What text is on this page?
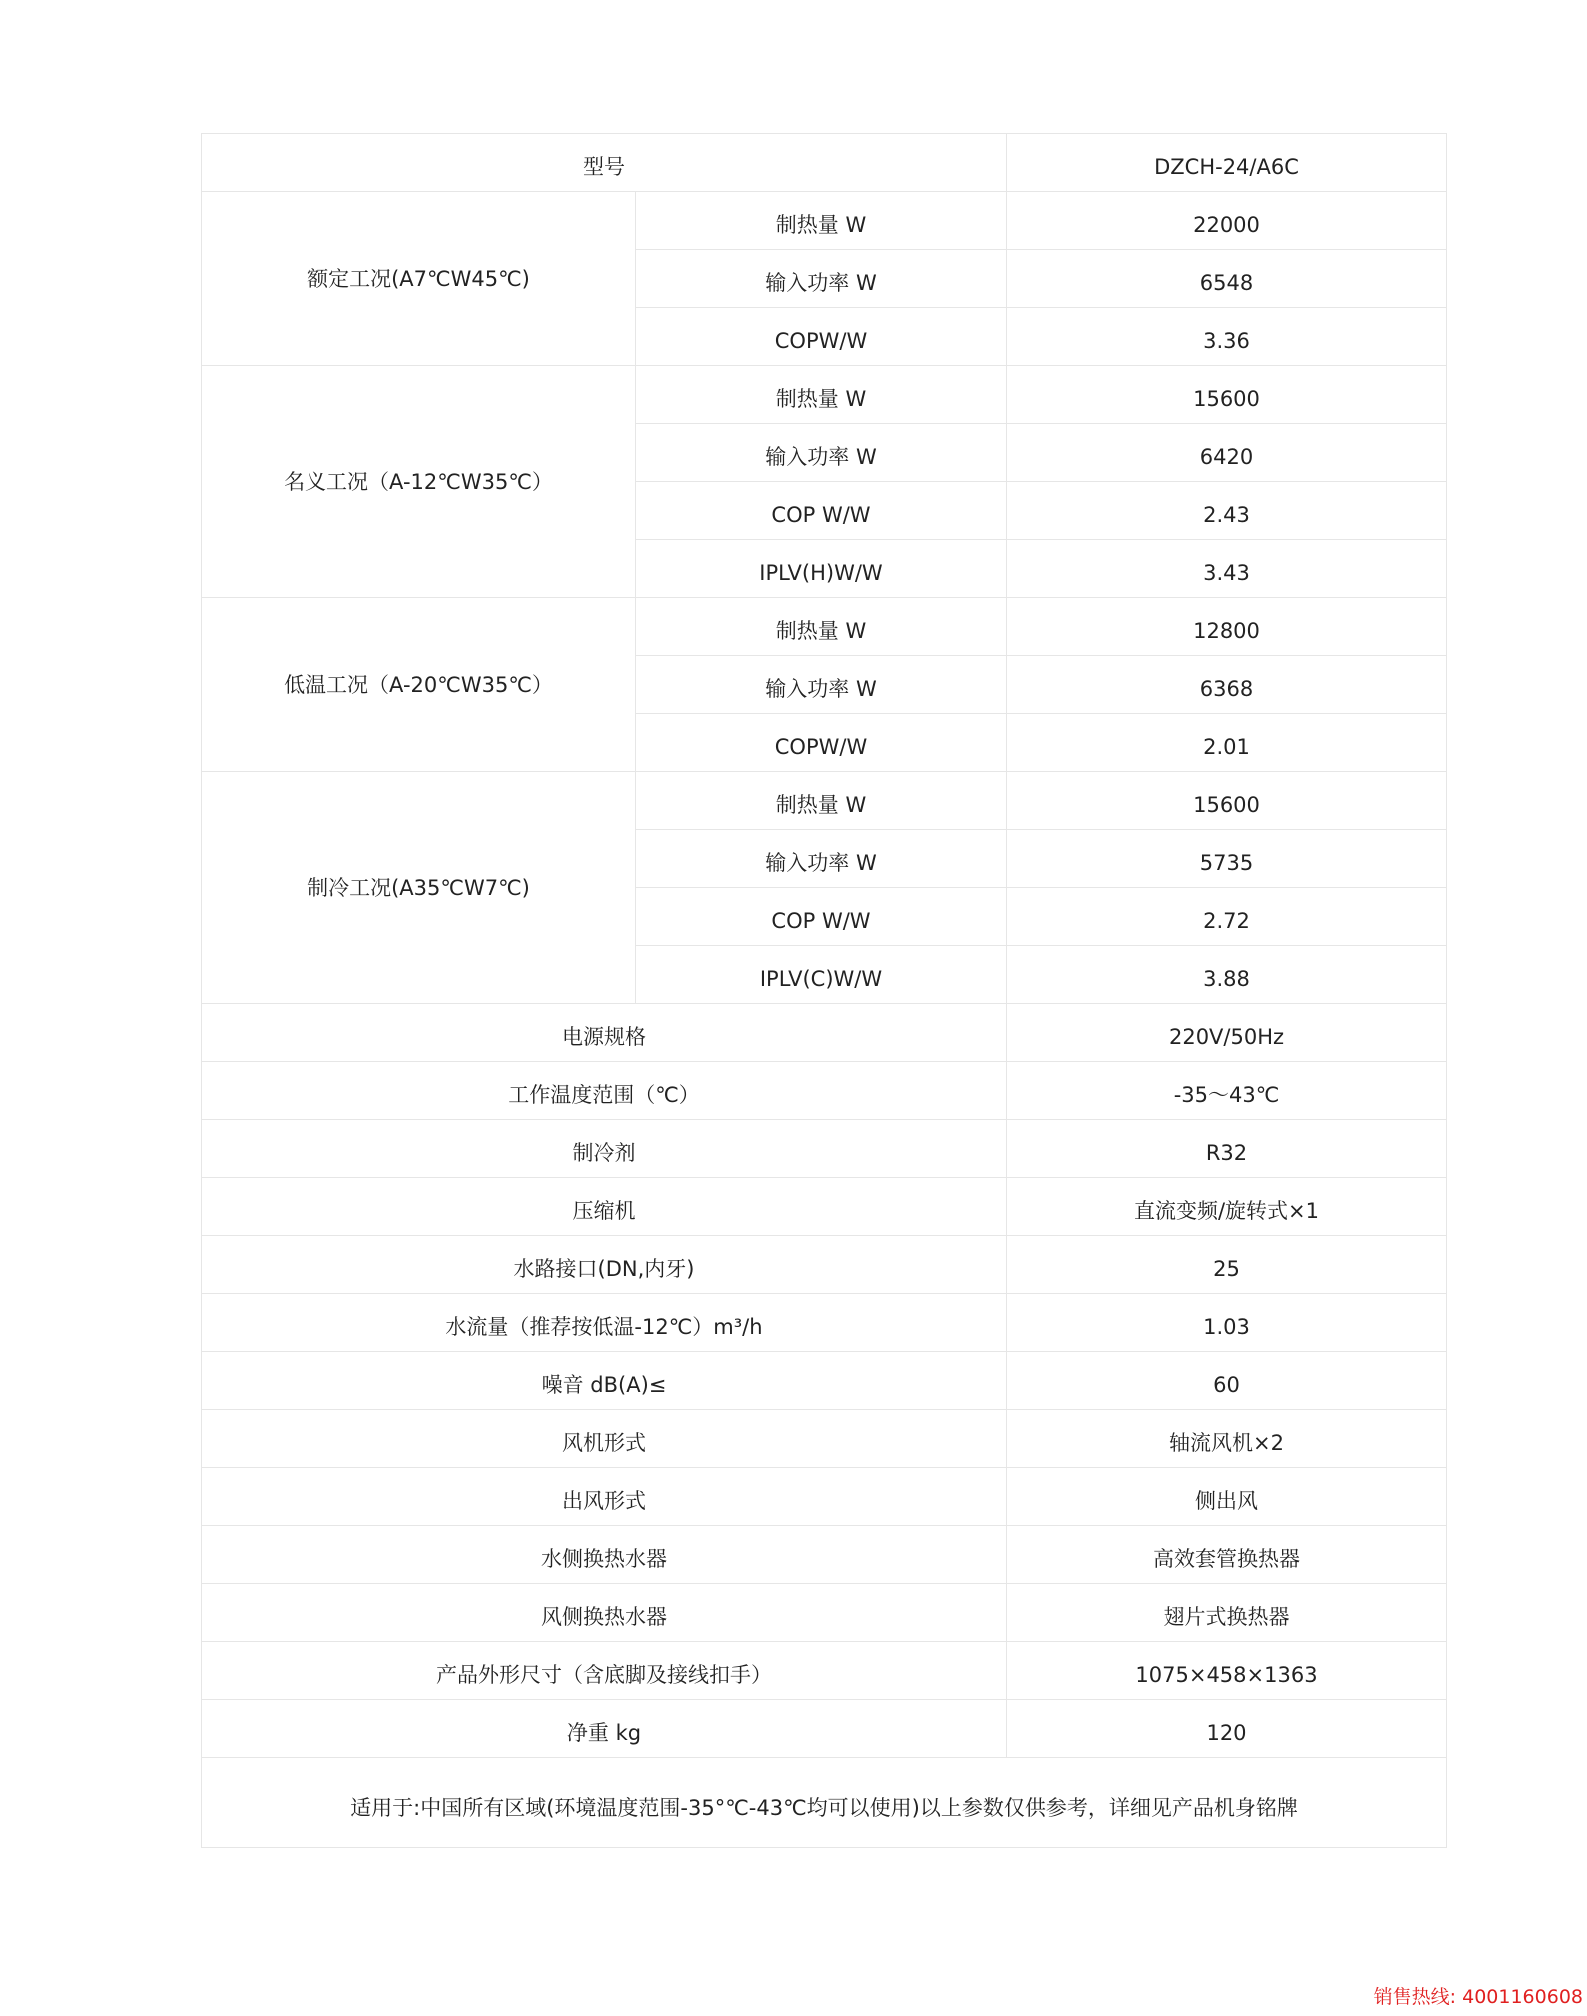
型号		DZCH-24/A6C
额定工况(A7℃W45℃)	制热量 W	22000
	输入功率 W	6548
	COPW/W	3.36
名义工况（A-12℃W35℃）	制热量 W	15600
	输入功率 W	6420
	COP W/W	2.43
	IPLV(H)W/W	3.43
低温工况（A-20℃W35℃）	制热量 W	12800
	输入功率 W	6368
	COPW/W	2.01
制冷工况(A35℃W7℃)	制热量 W	15600
	输入功率 W	5735
	COP W/W	2.72
	IPLV(C)W/W	3.88
电源规格		220V/50Hz
工作温度范围（℃）		-35～43℃
制冷剂		R32
压缩机		直流变频/旋转式×1
水路接口(DN,内牙)		25
水流量（推荐按低温-12℃）m³/h		1.03
噪音 dB(A)≤		60
风机形式		轴流风机×2
出风形式		侧出风
水侧换热水器		高效套管换热器
风侧换热水器		翅片式换热器
产品外形尺寸（含底脚及接线扣手）		1075×458×1363
净重 kg		120
适用于:中国所有区域(环境温度范围-35°℃-43℃均可以使用)以上参数仅供参考，详细见产品机身铭牌		
销售热线: 4001160608
